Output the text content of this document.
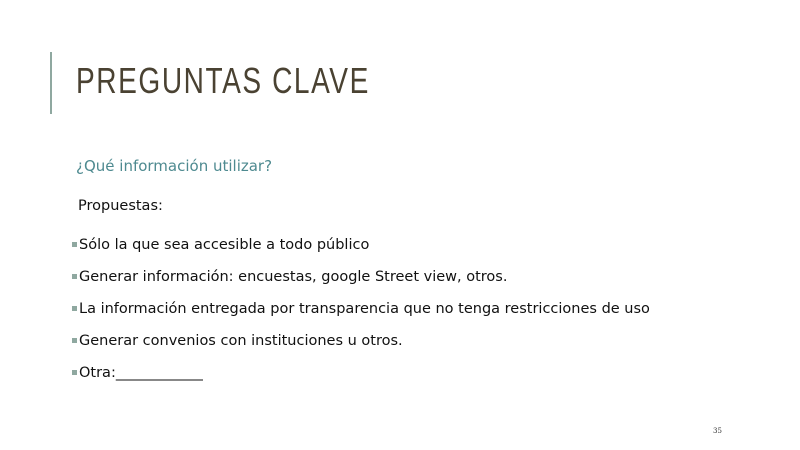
PREGUNTAS CLAVE
¿Qué información utilizar?
Propuestas:
Sólo la que sea accesible a todo público
Generar información: encuestas, google Street view, otros.
La información entregada por transparencia que no tenga restricciones de uso
Generar convenios con instituciones u otros.
Otra:____________
35
